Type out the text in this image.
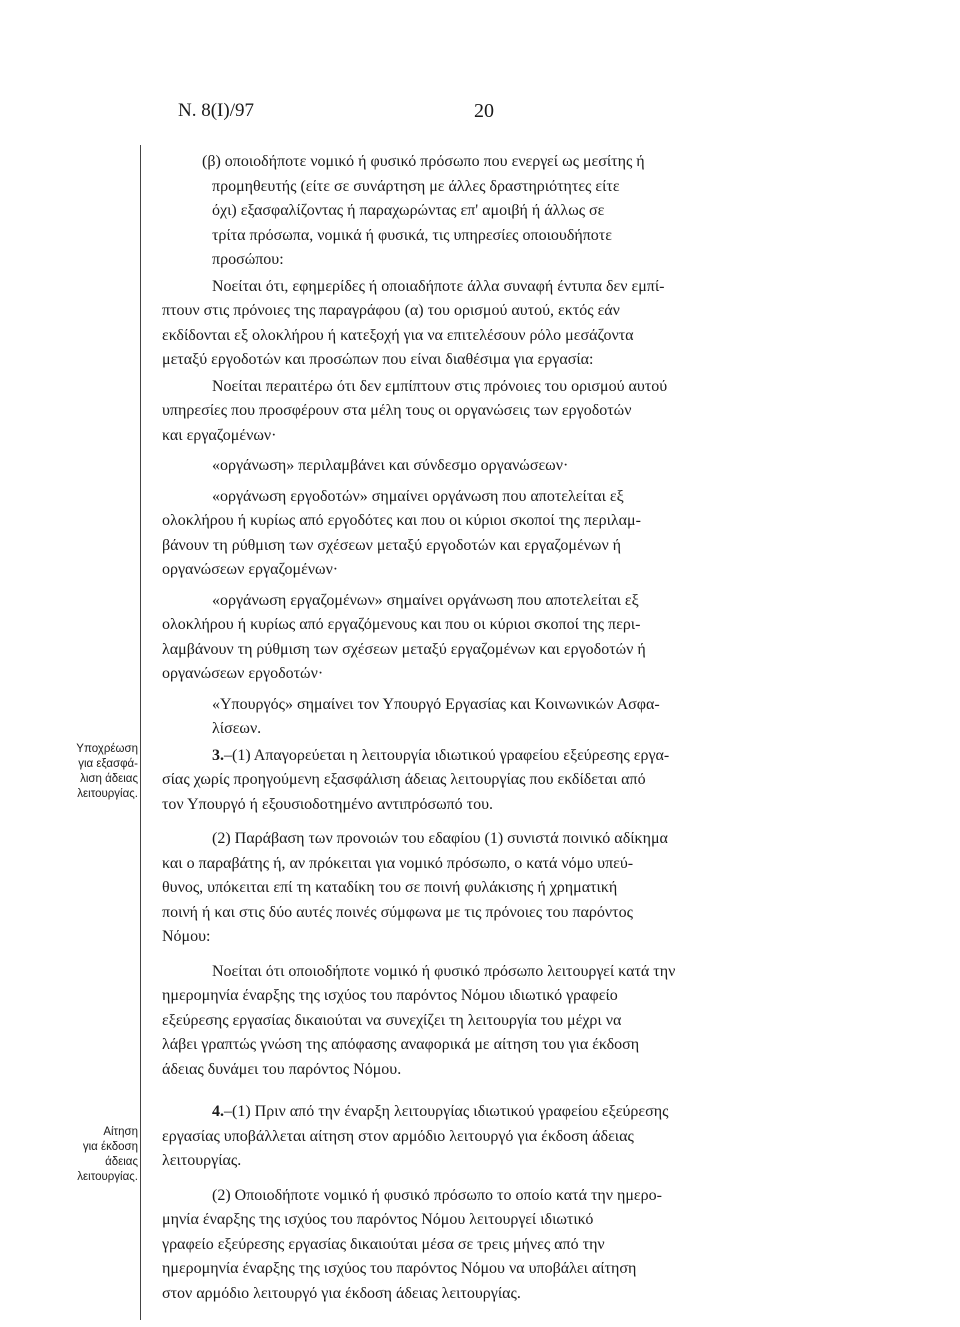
Ν. 8(Ι)/97	20
Υποχρέωση
για εξασφά-
λιση άδειας
λειτουργίας.
Αίτηση
για έκδοση
άδειας
λειτουργίας.
(β) οποιοδήποτε νομικό ή φυσικό πρόσωπο που ενεργεί ως μεσίτης ή
προμηθευτής (είτε σε συνάρτηση με άλλες δραστηριότητες είτε
όχι) εξασφαλίζοντας ή παραχωρώντας επ' αμοιβή ή άλλως σε
τρίτα πρόσωπα, νομικά ή φυσικά, τις υπηρεσίες οποιουδήποτε
προσώπου:
Νοείται ότι, εφημερίδες ή οποιαδήποτε άλλα συναφή έντυπα δεν εμπί-
πτουν στις πρόνοιες της παραγράφου (α) του ορισμού αυτού, εκτός εάν
εκδίδονται εξ ολοκλήρου ή κατεξοχή για να επιτελέσουν ρόλο μεσάζοντα
μεταξύ εργοδοτών και προσώπων που είναι διαθέσιμα για εργασία:
Νοείται περαιτέρω ότι δεν εμπίπτουν στις πρόνοιες του ορισμού αυτού
υπηρεσίες που προσφέρουν στα μέλη τους οι οργανώσεις των εργοδοτών
και εργαζομένων·
«οργάνωση» περιλαμβάνει και σύνδεσμο οργανώσεων·
«οργάνωση εργοδοτών» σημαίνει οργάνωση που αποτελείται εξ
ολοκλήρου ή κυρίως από εργοδότες και που οι κύριοι σκοποί της περιλαμ-
βάνουν τη ρύθμιση των σχέσεων μεταξύ εργοδοτών και εργαζομένων ή
οργανώσεων εργαζομένων·
«οργάνωση εργαζομένων» σημαίνει οργάνωση που αποτελείται εξ
ολοκλήρου ή κυρίως από εργαζόμενους και που οι κύριοι σκοποί της περι-
λαμβάνουν τη ρύθμιση των σχέσεων μεταξύ εργαζομένων και εργοδοτών ή
οργανώσεων εργοδοτών·
«Υπουργός» σημαίνει τον Υπουργό Εργασίας και Κοινωνικών Ασφα-
λίσεων.
3.–(1) Απαγορεύεται η λειτουργία ιδιωτικού γραφείου εξεύρεσης εργα-
σίας χωρίς προηγούμενη εξασφάλιση άδειας λειτουργίας που εκδίδεται από
τον Υπουργό ή εξουσιοδοτημένο αντιπρόσωπό του.
(2) Παράβαση των προνοιών του εδαφίου (1) συνιστά ποινικό αδίκημα
και ο παραβάτης ή, αν πρόκειται για νομικό πρόσωπο, ο κατά νόμο υπεύ-
θυνος, υπόκειται επί τη καταδίκη του σε ποινή φυλάκισης ή χρηματική
ποινή ή και στις δύο αυτές ποινές σύμφωνα με τις πρόνοιες του παρόντος
Νόμου:
Νοείται ότι οποιοδήποτε νομικό ή φυσικό πρόσωπο λειτουργεί κατά την
ημερομηνία έναρξης της ισχύος του παρόντος Νόμου ιδιωτικό γραφείο
εξεύρεσης εργασίας δικαιούται να συνεχίζει τη λειτουργία του μέχρι να
λάβει γραπτώς γνώση της απόφασης αναφορικά με αίτηση του για έκδοση
άδειας δυνάμει του παρόντος Νόμου.
4.–(1) Πριν από την έναρξη λειτουργίας ιδιωτικού γραφείου εξεύρεσης
εργασίας υποβάλλεται αίτηση στον αρμόδιο λειτουργό για έκδοση άδειας
λειτουργίας.
(2) Οποιοδήποτε νομικό ή φυσικό πρόσωπο το οποίο κατά την ημερο-
μηνία έναρξης της ισχύος του παρόντος Νόμου λειτουργεί ιδιωτικό
γραφείο εξεύρεσης εργασίας δικαιούται μέσα σε τρεις μήνες από την
ημερομηνία έναρξης της ισχύος του παρόντος Νόμου να υποβάλει αίτηση
στον αρμόδιο λειτουργό για έκδοση άδειας λειτουργίας.
